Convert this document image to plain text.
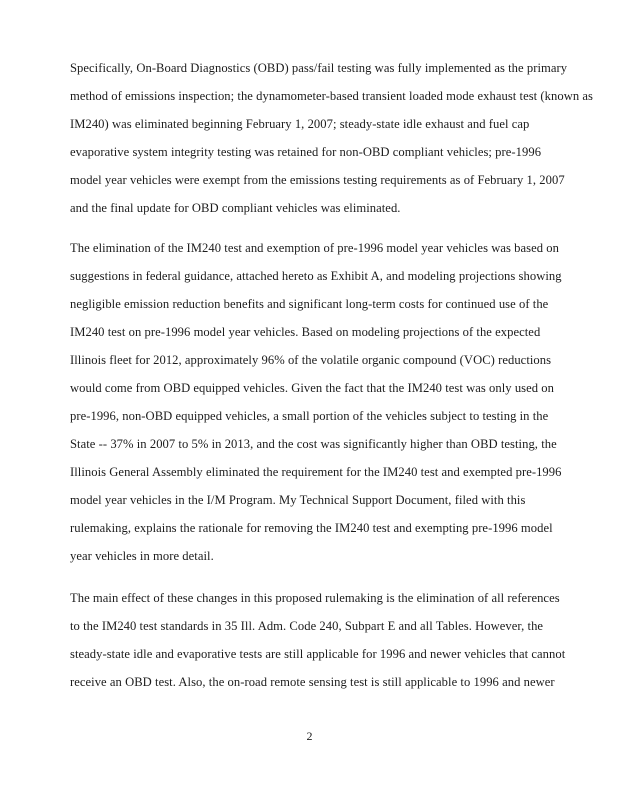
Specifically, On-Board Diagnostics (OBD) pass/fail testing was fully implemented as the primary
method of emissions inspection; the dynamometer-based transient loaded mode exhaust test (known as
IM240) was eliminated beginning February 1, 2007; steady-state idle exhaust and fuel cap
evaporative system integrity testing was retained for non-OBD compliant vehicles; pre-1996
model year vehicles were exempt from the emissions testing requirements as of February 1, 2007
and the final update for OBD compliant vehicles was eliminated.
The elimination of the IM240 test and exemption of pre-1996 model year vehicles was based on
suggestions in federal guidance, attached hereto as Exhibit A, and modeling projections showing
negligible emission reduction benefits and significant long-term costs for continued use of the
IM240 test on pre-1996 model year vehicles. Based on modeling projections of the expected
Illinois fleet for 2012, approximately 96% of the volatile organic compound (VOC) reductions
would come from OBD equipped vehicles. Given the fact that the IM240 test was only used on
pre-1996, non-OBD equipped vehicles, a small portion of the vehicles subject to testing in the
State -- 37% in 2007 to 5% in 2013, and the cost was significantly higher than OBD testing, the
Illinois General Assembly eliminated the requirement for the IM240 test and exempted pre-1996
model year vehicles in the I/M Program. My Technical Support Document, filed with this
rulemaking, explains the rationale for removing the IM240 test and exempting pre-1996 model
year vehicles in more detail.
The main effect of these changes in this proposed rulemaking is the elimination of all references
to the IM240 test standards in 35 Ill. Adm. Code 240, Subpart E and all Tables. However, the
steady-state idle and evaporative tests are still applicable for 1996 and newer vehicles that cannot
receive an OBD test. Also, the on-road remote sensing test is still applicable to 1996 and newer
2
